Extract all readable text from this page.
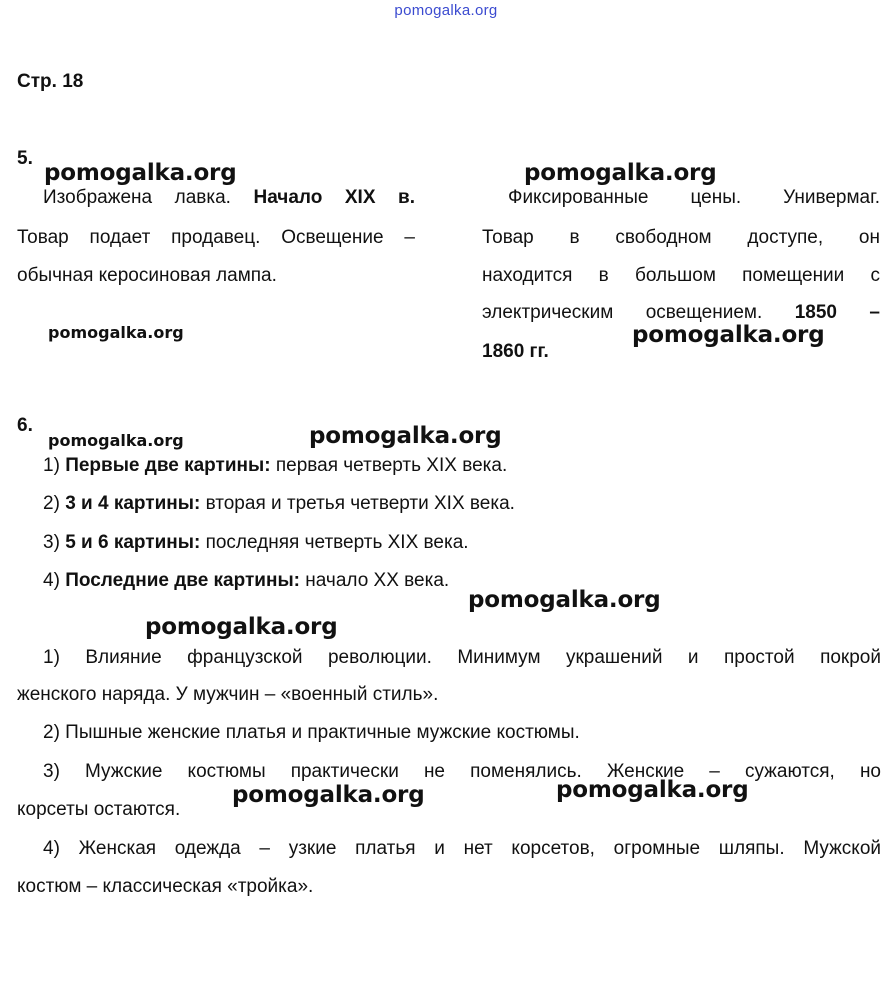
pomogalka.org
Стр. 18
5.
pomogalka.org	pomogalka.org
Изображена лавка. Начало XIX в.
Товар подает продавец. Освещение –
обычная керосиновая лампа.
Фиксированные цены. Универмаг.
Товар в свободном доступе, он
находится в большом помещении с
электрическим освещением. 1850 –
1860 гг.
pomogalka.org	pomogalka.org
6.
pomogalka.org	pomogalka.org
1) Первые две картины: первая четверть XIX века.
2) 3 и 4 картины: вторая и третья четверти XIX века.
3) 5 и 6 картины: последняя четверть XIX века.
4) Последние две картины: начало XX века.
pomogalka.org
pomogalka.org
1) Влияние французской революции. Минимум украшений и простой покрой
женского наряда. У мужчин – «военный стиль».
2) Пышные женские платья и практичные мужские костюмы.
3) Мужские костюмы практически не поменялись. Женские – сужаются, но
корсеты остаются.
pomogalka.org	pomogalka.org
4) Женская одежда – узкие платья и нет корсетов, огромные шляпы. Мужской
костюм – классическая «тройка».
